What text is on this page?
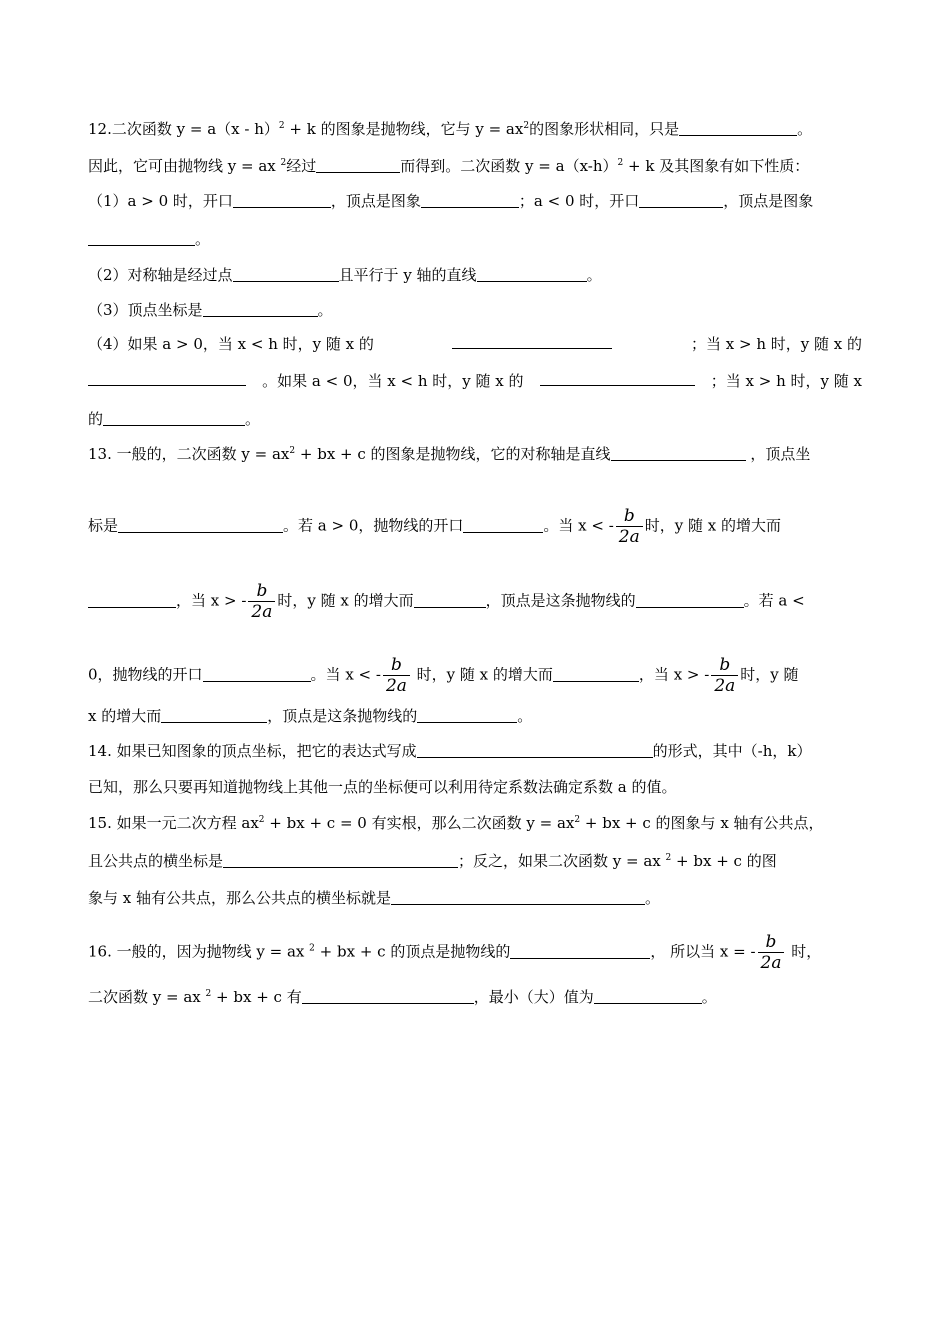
12.二次函数 y = a（x - h）$^2$ + k 的图象是抛物线，它与 $y = ax^2$的图象形状相同，只是	。
因此，它可由抛物线 y = ax $^2$经过	而得到。二次函数 $y = a(x-h)^2 + k$ 及其图象有如下性质：
（1）a > 0 时，开口	，顶点是图象	；a < 0 时，开口	，顶点是图象
。
（2）对称轴是经过点	且平行于 y 轴的直线	。
（3）顶点坐标是	。
（4）如果 a > 0，当 x < h 时，y 随 x 的	；当 x > h 时，y 随 x 的
。如果 a < 0，当 x < h 时，y 随 x 的	；当 x > h 时，y 随 x
的	。
13. 一般的，二次函数 $y = ax^2$ + bx + c 的图象是抛物线，它的对称轴是直线	，顶点坐
标是	。若 a > 0，抛物线的开口	。当 x < - $\frac{b}{2a}$ 时，y 随 x 的增大而
，当 x > - $\frac{b}{2a}$ 时，y 随 x 的增大而	，顶点是这条抛物线的	。若 a <
0，抛物线的开口	。当 x < - $\frac{b}{2a}$ 时，y 随 x 的增大而	，当 x > - $\frac{b}{2a}$ 时，y 随
x 的增大而	，顶点是这条抛物线的	。
14. 如果已知图象的顶点坐标，把它的表达式写成	的形式，其中（-h，k）
已知，那么只要再知道抛物线上其他一点的坐标便可以利用待定系数法确定系数 a 的值。
15. 如果一元二次方程 $ax^2$ + bx + c = 0 有实根，那么二次函数 $y = ax^2$ + bx + c 的图象与 x 轴有公共点，
且公共点的横坐标是	；反之，如果二次函数 y = ax $^2$ + bx + c 的图
象与 x 轴有公共点，那么公共点的横坐标就是	。
16. 一般的，因为抛物线 y = ax $^2$ + bx + c 的顶点是抛物线的	， 所以当 x = - $\frac{b}{2a}$ 时，
二次函数 y = ax $^2$ + bx + c 有	，最小（大）值为	。
